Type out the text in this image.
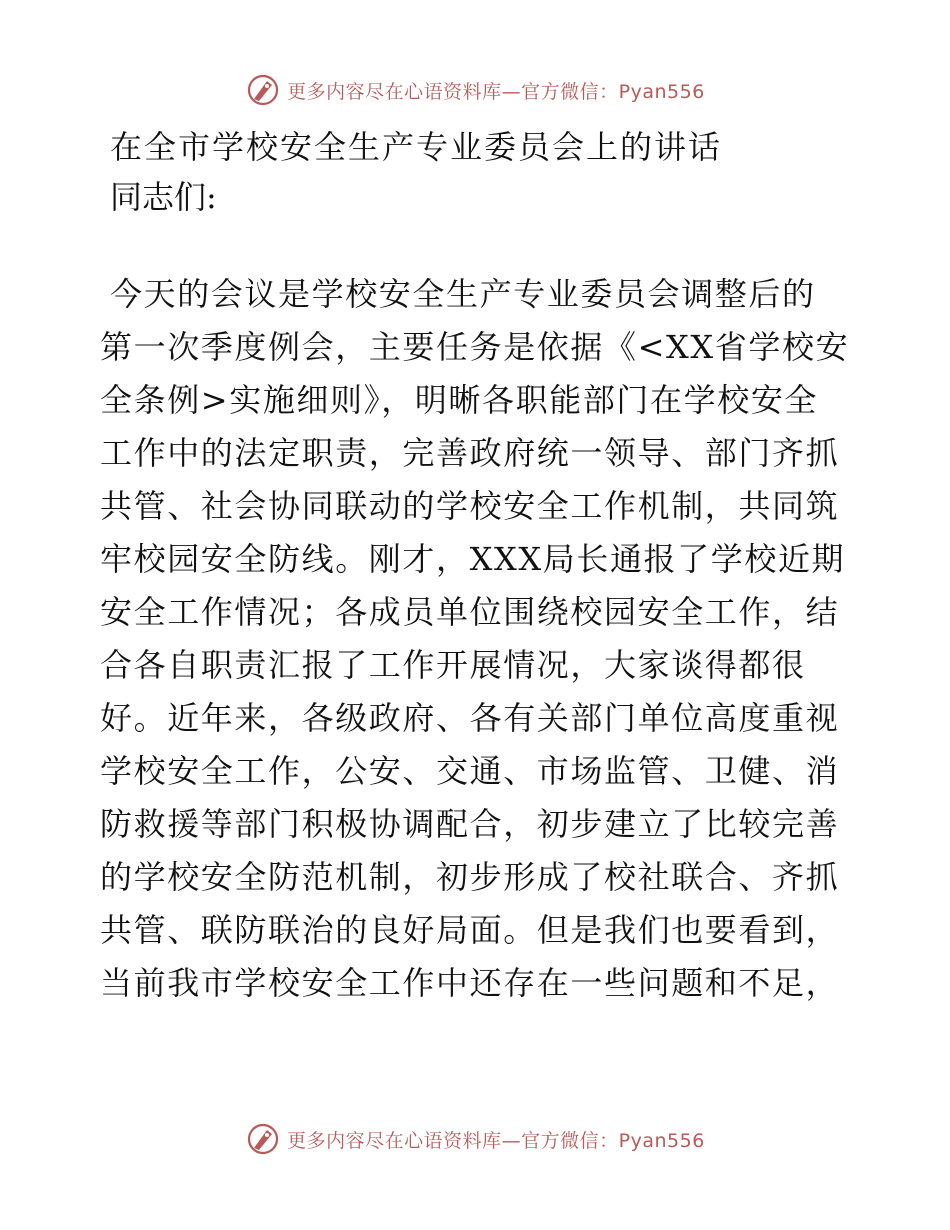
更多内容尽在心语资料库—官方微信：Pyan556
在全市学校安全生产专业委员会上的讲话
同志们:
今天的会议是学校安全生产专业委员会调整后的
第一次季度例会，主要任务是依据《<XX省学校安
全条例>实施细则》，明晰各职能部门在学校安全
工作中的法定职责，完善政府统一领导、部门齐抓
共管、社会协同联动的学校安全工作机制，共同筑
牢校园安全防线。刚才，XXX局长通报了学校近期
安全工作情况；各成员单位围绕校园安全工作，结
合各自职责汇报了工作开展情况，大家谈得都很
好。近年来，各级政府、各有关部门单位高度重视
学校安全工作，公安、交通、市场监管、卫健、消
防救援等部门积极协调配合，初步建立了比较完善
的学校安全防范机制，初步形成了校社联合、齐抓
共管、联防联治的良好局面。但是我们也要看到，
当前我市学校安全工作中还存在一些问题和不足，
更多内容尽在心语资料库—官方微信：Pyan556
